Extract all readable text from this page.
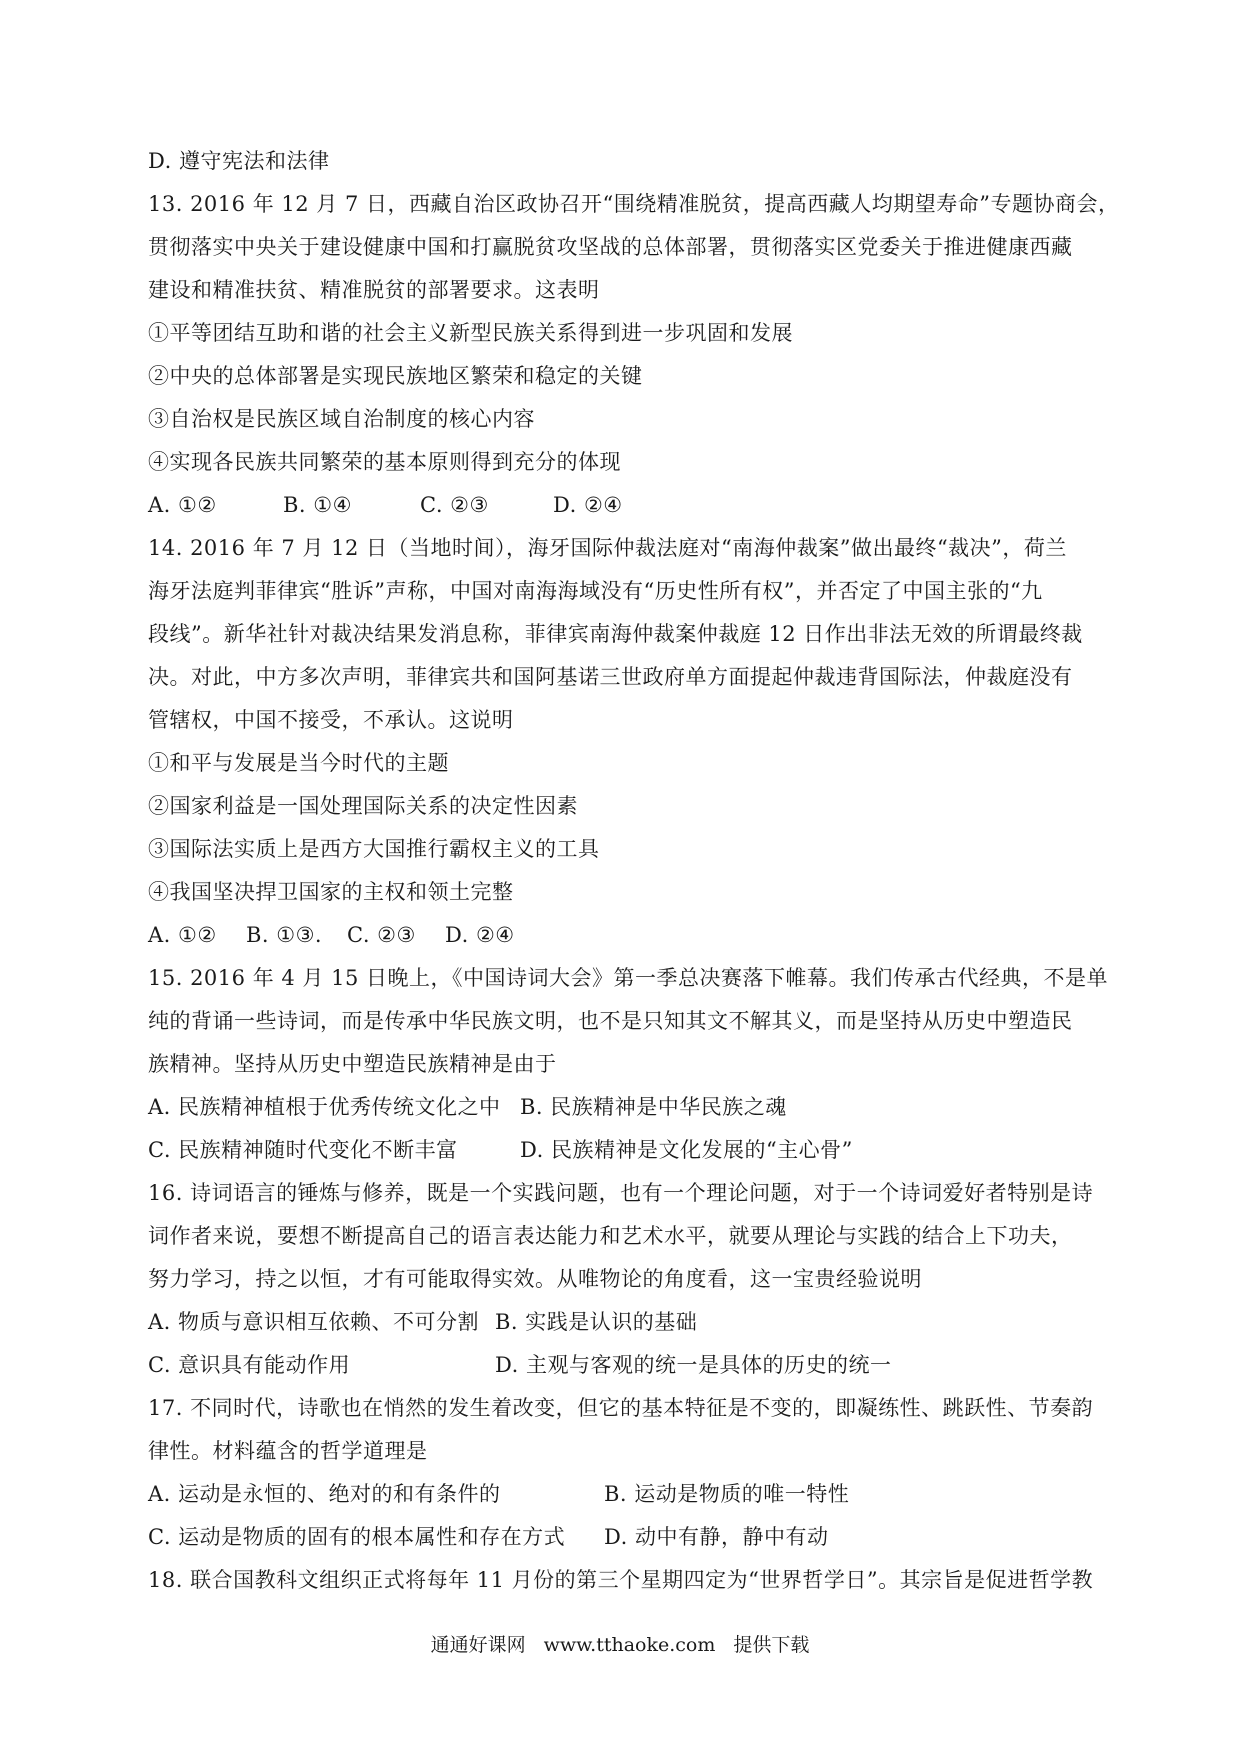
D. 遵守宪法和法律
13. 2016 年 12 月 7 日，西藏自治区政协召开“围绕精准脱贫，提高西藏人均期望寿命”专题协商会，
贯彻落实中央关于建设健康中国和打赢脱贫攻坚战的总体部署，贯彻落实区党委关于推进健康西藏
建设和精准扶贫、精准脱贫的部署要求。这表明
①平等团结互助和谐的社会主义新型民族关系得到进一步巩固和发展
②中央的总体部署是实现民族地区繁荣和稳定的关键
③自治权是民族区域自治制度的核心内容
④实现各民族共同繁荣的基本原则得到充分的体现
A. ①②	B. ①④	C. ②③	D. ②④
14. 2016 年 7 月 12 日（当地时间），海牙国际仲裁法庭对“南海仲裁案”做出最终“裁决”，荷兰
海牙法庭判菲律宾“胜诉”声称，中国对南海海域没有“历史性所有权”，并否定了中国主张的“九
段线”。新华社针对裁决结果发消息称，菲律宾南海仲裁案仲裁庭 12 日作出非法无效的所谓最终裁
决。对此，中方多次声明，菲律宾共和国阿基诺三世政府单方面提起仲裁违背国际法，仲裁庭没有
管辖权，中国不接受，不承认。这说明
①和平与发展是当今时代的主题
②国家利益是一国处理国际关系的决定性因素
③国际法实质上是西方大国推行霸权主义的工具
④我国坚决捍卫国家的主权和领土完整
A. ①②	B. ①③.	C. ②③	D. ②④
15. 2016 年 4 月 15 日晚上，《中国诗词大会》第一季总决赛落下帷幕。我们传承古代经典，不是单
纯的背诵一些诗词，而是传承中华民族文明，也不是只知其文不解其义，而是坚持从历史中塑造民
族精神。坚持从历史中塑造民族精神是由于
A. 民族精神植根于优秀传统文化之中 B. 民族精神是中华民族之魂
C. 民族精神随时代变化不断丰富	D. 民族精神是文化发展的“主心骨”
16. 诗词语言的锤炼与修养，既是一个实践问题，也有一个理论问题，对于一个诗词爱好者特别是诗
词作者来说，要想不断提高自己的语言表达能力和艺术水平，就要从理论与实践的结合上下功夫，
努力学习，持之以恒，才有可能取得实效。从唯物论的角度看，这一宝贵经验说明
A. 物质与意识相互依赖、不可分割 B. 实践是认识的基础
C. 意识具有能动作用	D. 主观与客观的统一是具体的历史的统一
17. 不同时代，诗歌也在悄然的发生着改变，但它的基本特征是不变的，即凝练性、跳跃性、节奏韵
律性。材料蕴含的哲学道理是
A. 运动是永恒的、绝对的和有条件的	B. 运动是物质的唯一特性
C. 运动是物质的固有的根本属性和存在方式	D. 动中有静，静中有动
18. 联合国教科文组织正式将每年 11 月份的第三个星期四定为“世界哲学日”。其宗旨是促进哲学教
通通好课网 www.tthaoke.com 提供下载
